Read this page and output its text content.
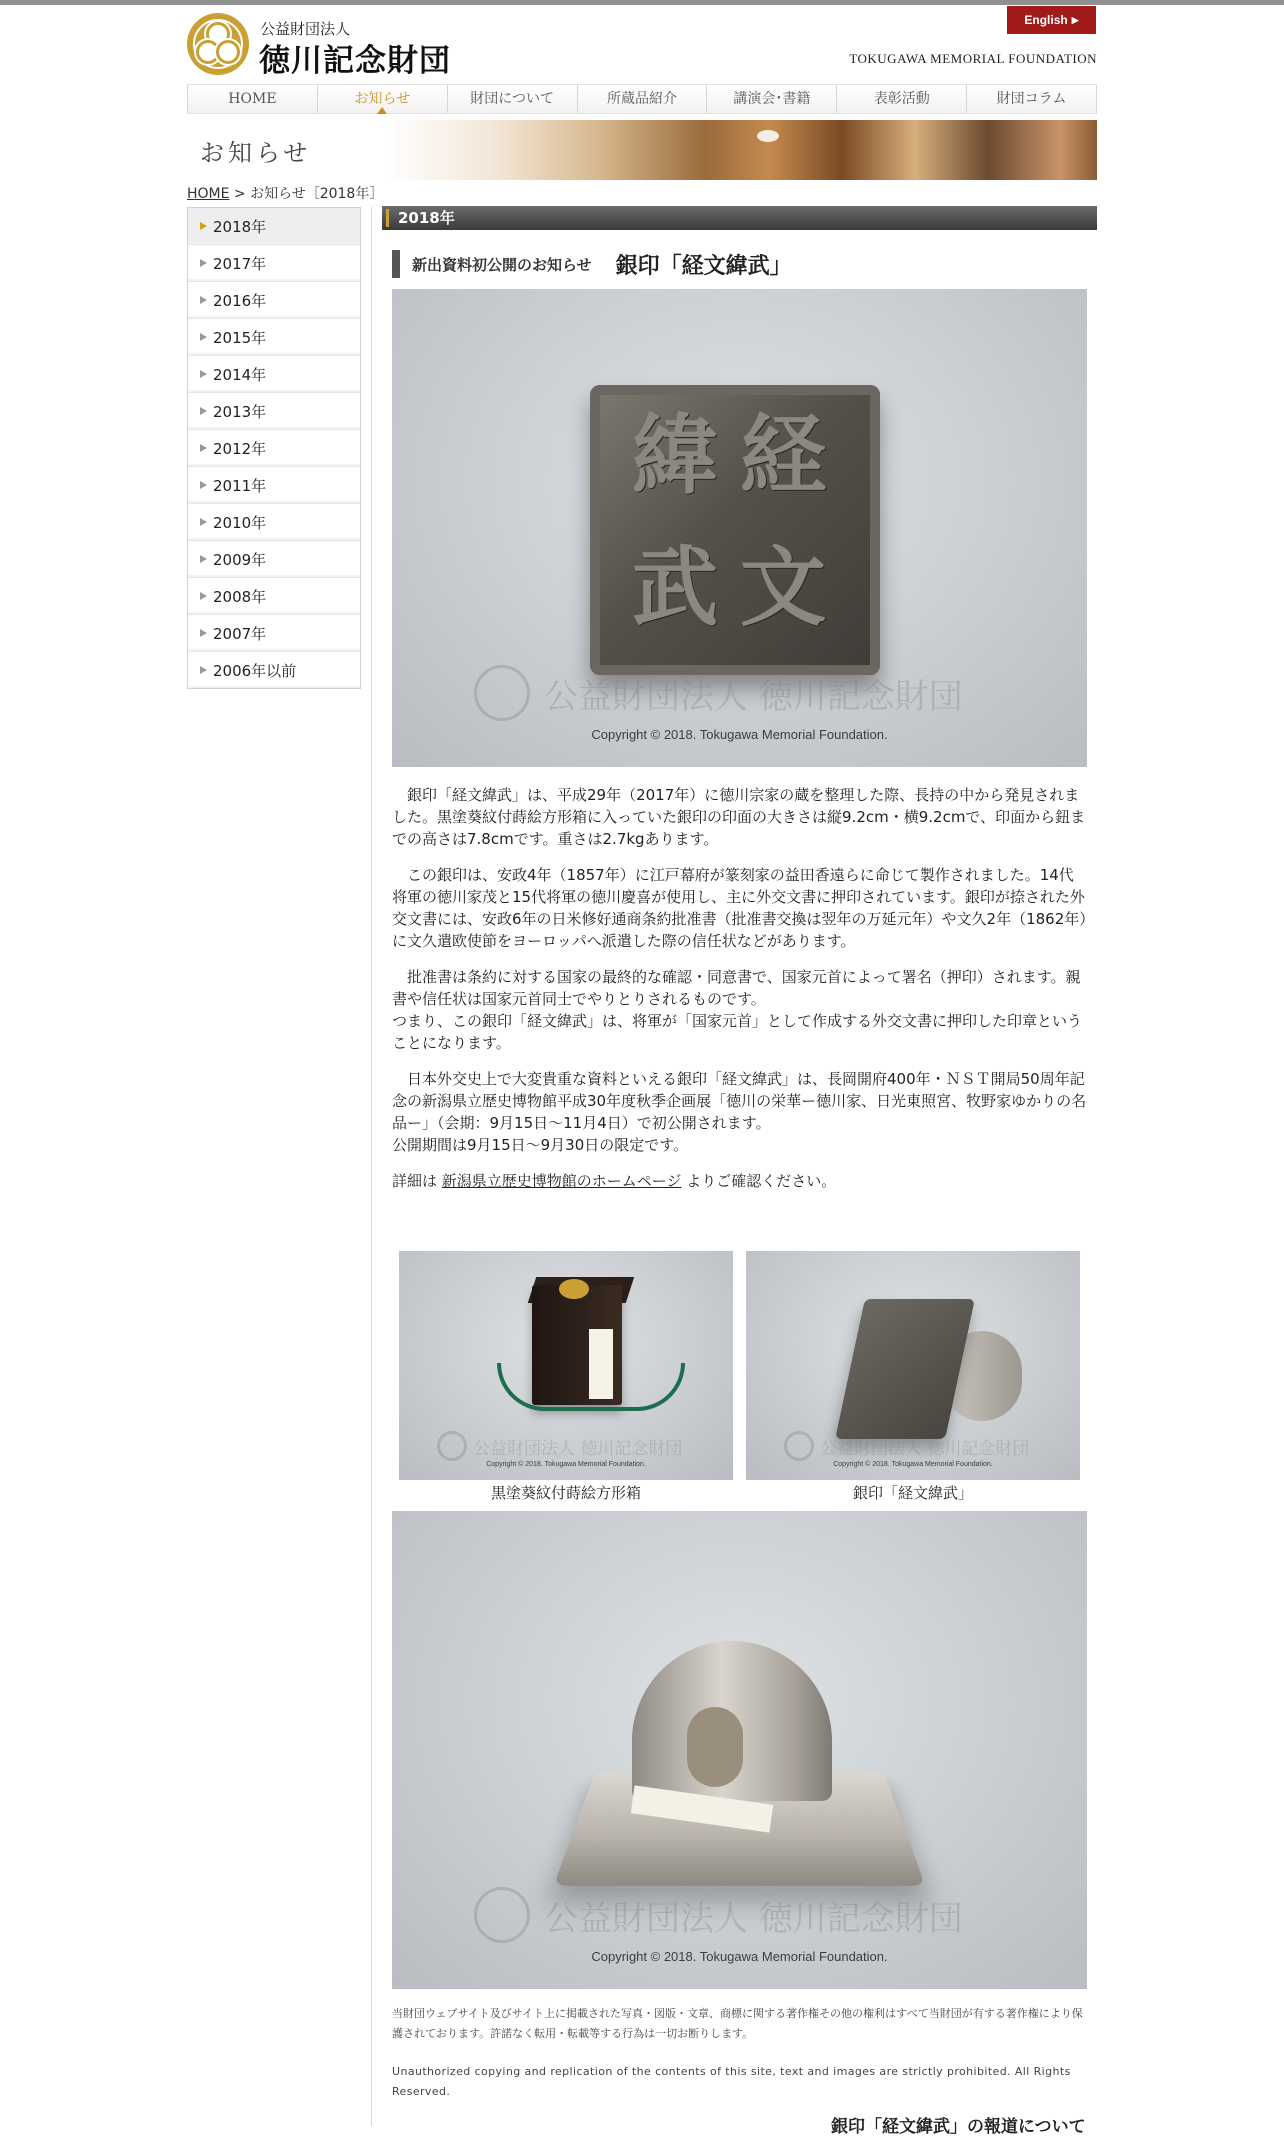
公益財団法人
徳川記念財団
English ▶
TOKUGAWA MEMORIAL FOUNDATION
HOME	お知らせ	財団について	所蔵品紹介	講演会･書籍	表彰活動	財団コラム
お知らせ
HOME > お知らせ［2018年］
2018年
2017年
2016年
2015年
2014年
2013年
2012年
2011年
2010年
2009年
2008年
2007年
2006年以前
2018年
新出資料初公開のお知らせ 銀印「経文緯武」
経
緯
文
武
公益財団法人 徳川記念財団
Copyright © 2018. Tokugawa Memorial Foundation.

銀印「経文緯武」は、平成29年（2017年）に徳川宗家の蔵を整理した際、長持の中から発見されました。黒塗葵紋付蒔絵方形箱に入っていた銀印の印面の大きさは縦9.2cm・横9.2cmで、印面から鈕までの高さは7.8cmです。重さは2.7kgあります。

この銀印は、安政4年（1857年）に江戸幕府が篆刻家の益田香遠らに命じて製作されました。14代将軍の徳川家茂と15代将軍の徳川慶喜が使用し、主に外交文書に押印されています。銀印が捺された外交文書には、安政6年の日米修好通商条約批准書（批准書交換は翌年の万延元年）や文久2年（1862年）に文久遣欧使節をヨーロッパへ派遣した際の信任状などがあります。

批准書は条約に対する国家の最終的な確認・同意書で、国家元首によって署名（押印）されます。親書や信任状は国家元首同士でやりとりされるものです。

つまり、この銀印「経文緯武」は、将軍が「国家元首」として作成する外交文書に押印した印章ということになります。

日本外交史上で大変貴重な資料といえる銀印「経文緯武」は、長岡開府400年・ＮＳＴ開局50周年記念の新潟県立歴史博物館平成30年度秋季企画展「徳川の栄華ー徳川家、日光東照宮、牧野家ゆかりの名品ー」（会期：9月15日～11月4日）で初公開されます。

公開期間は9月15日～9月30日の限定です。

詳細は 新潟県立歴史博物館のホームページ よりご確認ください。

公益財団法人 徳川記念財団
Copyright © 2018. Tokugawa Memorial Foundation.
黒塗葵紋付蒔絵方形箱
公益財団法人 徳川記念財団
Copyright © 2018. Tokugawa Memorial Foundation.
銀印「経文緯武」
公益財団法人 徳川記念財団
Copyright © 2018. Tokugawa Memorial Foundation.
当財団ウェブサイト及びサイト上に掲載された写真・図版・文章、商標に関する著作権その他の権利はすべて当財団が有する著作権により保護されております。許諾なく転用・転載等する行為は一切お断りします。
Unauthorized copying and replication of the contents of this site, text and images are strictly prohibited. All Rights Reserved.
銀印「経文緯武」の報道について
